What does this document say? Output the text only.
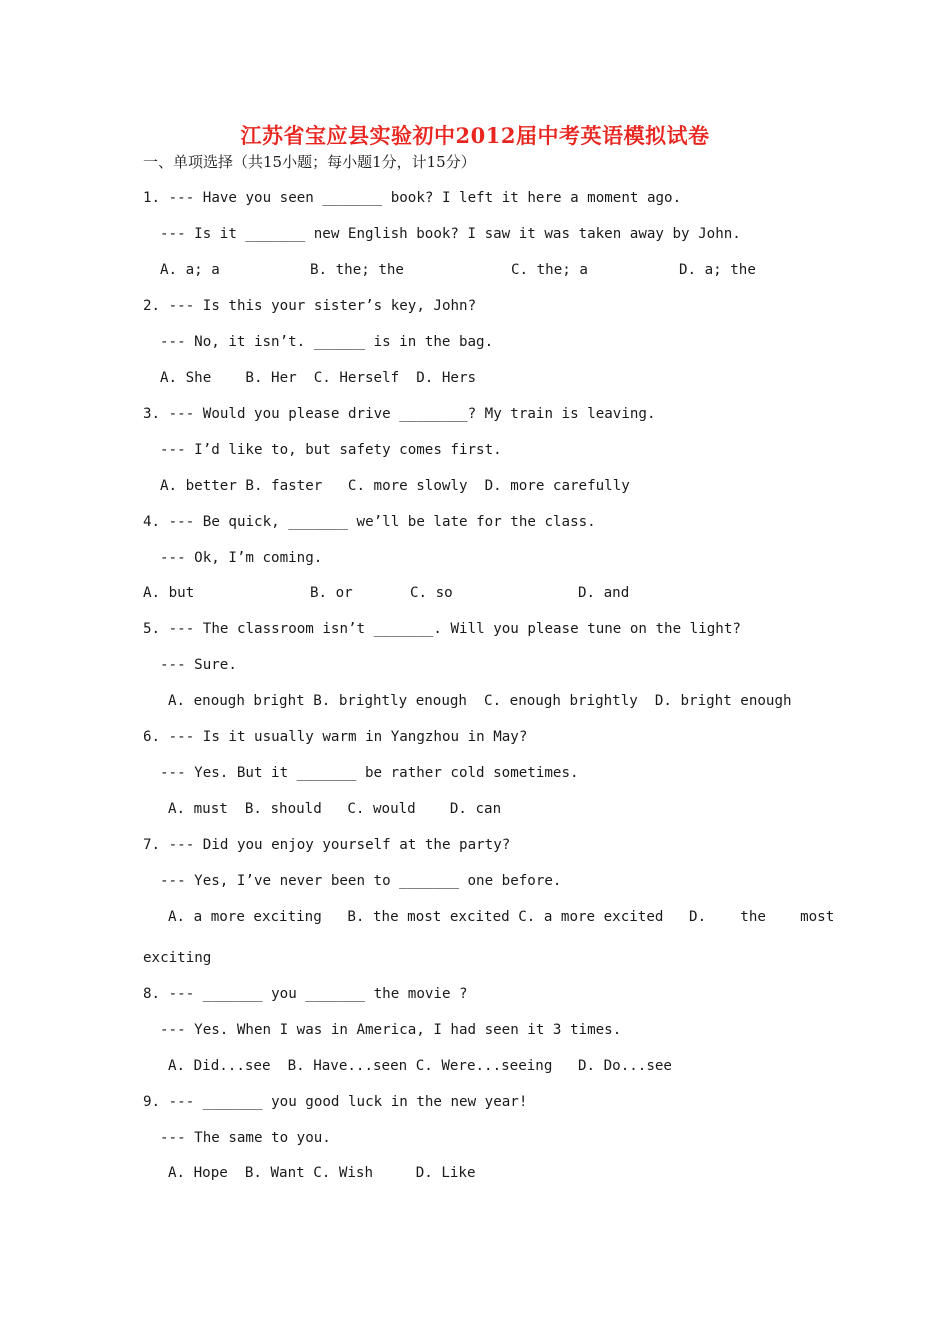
江苏省宝应县实验初中2012届中考英语模拟试卷
一、单项选择（共15小题；每小题1分，计15分）
1. --- Have you seen _______ book? I left it here a moment ago.
--- Is it _______ new English book? I saw it was taken away by John.
A. a; a	B. the; the	C. the; a	D. a; the
2. --- Is this your sister’s key, John?
--- No, it isn’t. ______ is in the bag.
A. She    B. Her  C. Herself  D. Hers
3. --- Would you please drive ________? My train is leaving.
--- I’d like to, but safety comes first.
A. better B. faster   C. more slowly  D. more carefully
4. --- Be quick, _______ we’ll be late for the class.
--- Ok, I’m coming.
A. but	B. or	C. so	D. and
5. --- The classroom isn’t _______. Will you please tune on the light?
--- Sure.
A. enough bright B. brightly enough  C. enough brightly  D. bright enough
6. --- Is it usually warm in Yangzhou in May?
--- Yes. But it _______ be rather cold sometimes.
A. must  B. should   C. would    D. can
7. --- Did you enjoy yourself at the party?
--- Yes, I’ve never been to _______ one before.
A. a more exciting   B. the most excited C. a more excited   D.    the    most
exciting
8. --- _______ you _______ the movie ?
--- Yes. When I was in America, I had seen it 3 times.
A. Did...see  B. Have...seen C. Were...seeing   D. Do...see
9. --- _______ you good luck in the new year!
--- The same to you.
A. Hope  B. Want C. Wish     D. Like
